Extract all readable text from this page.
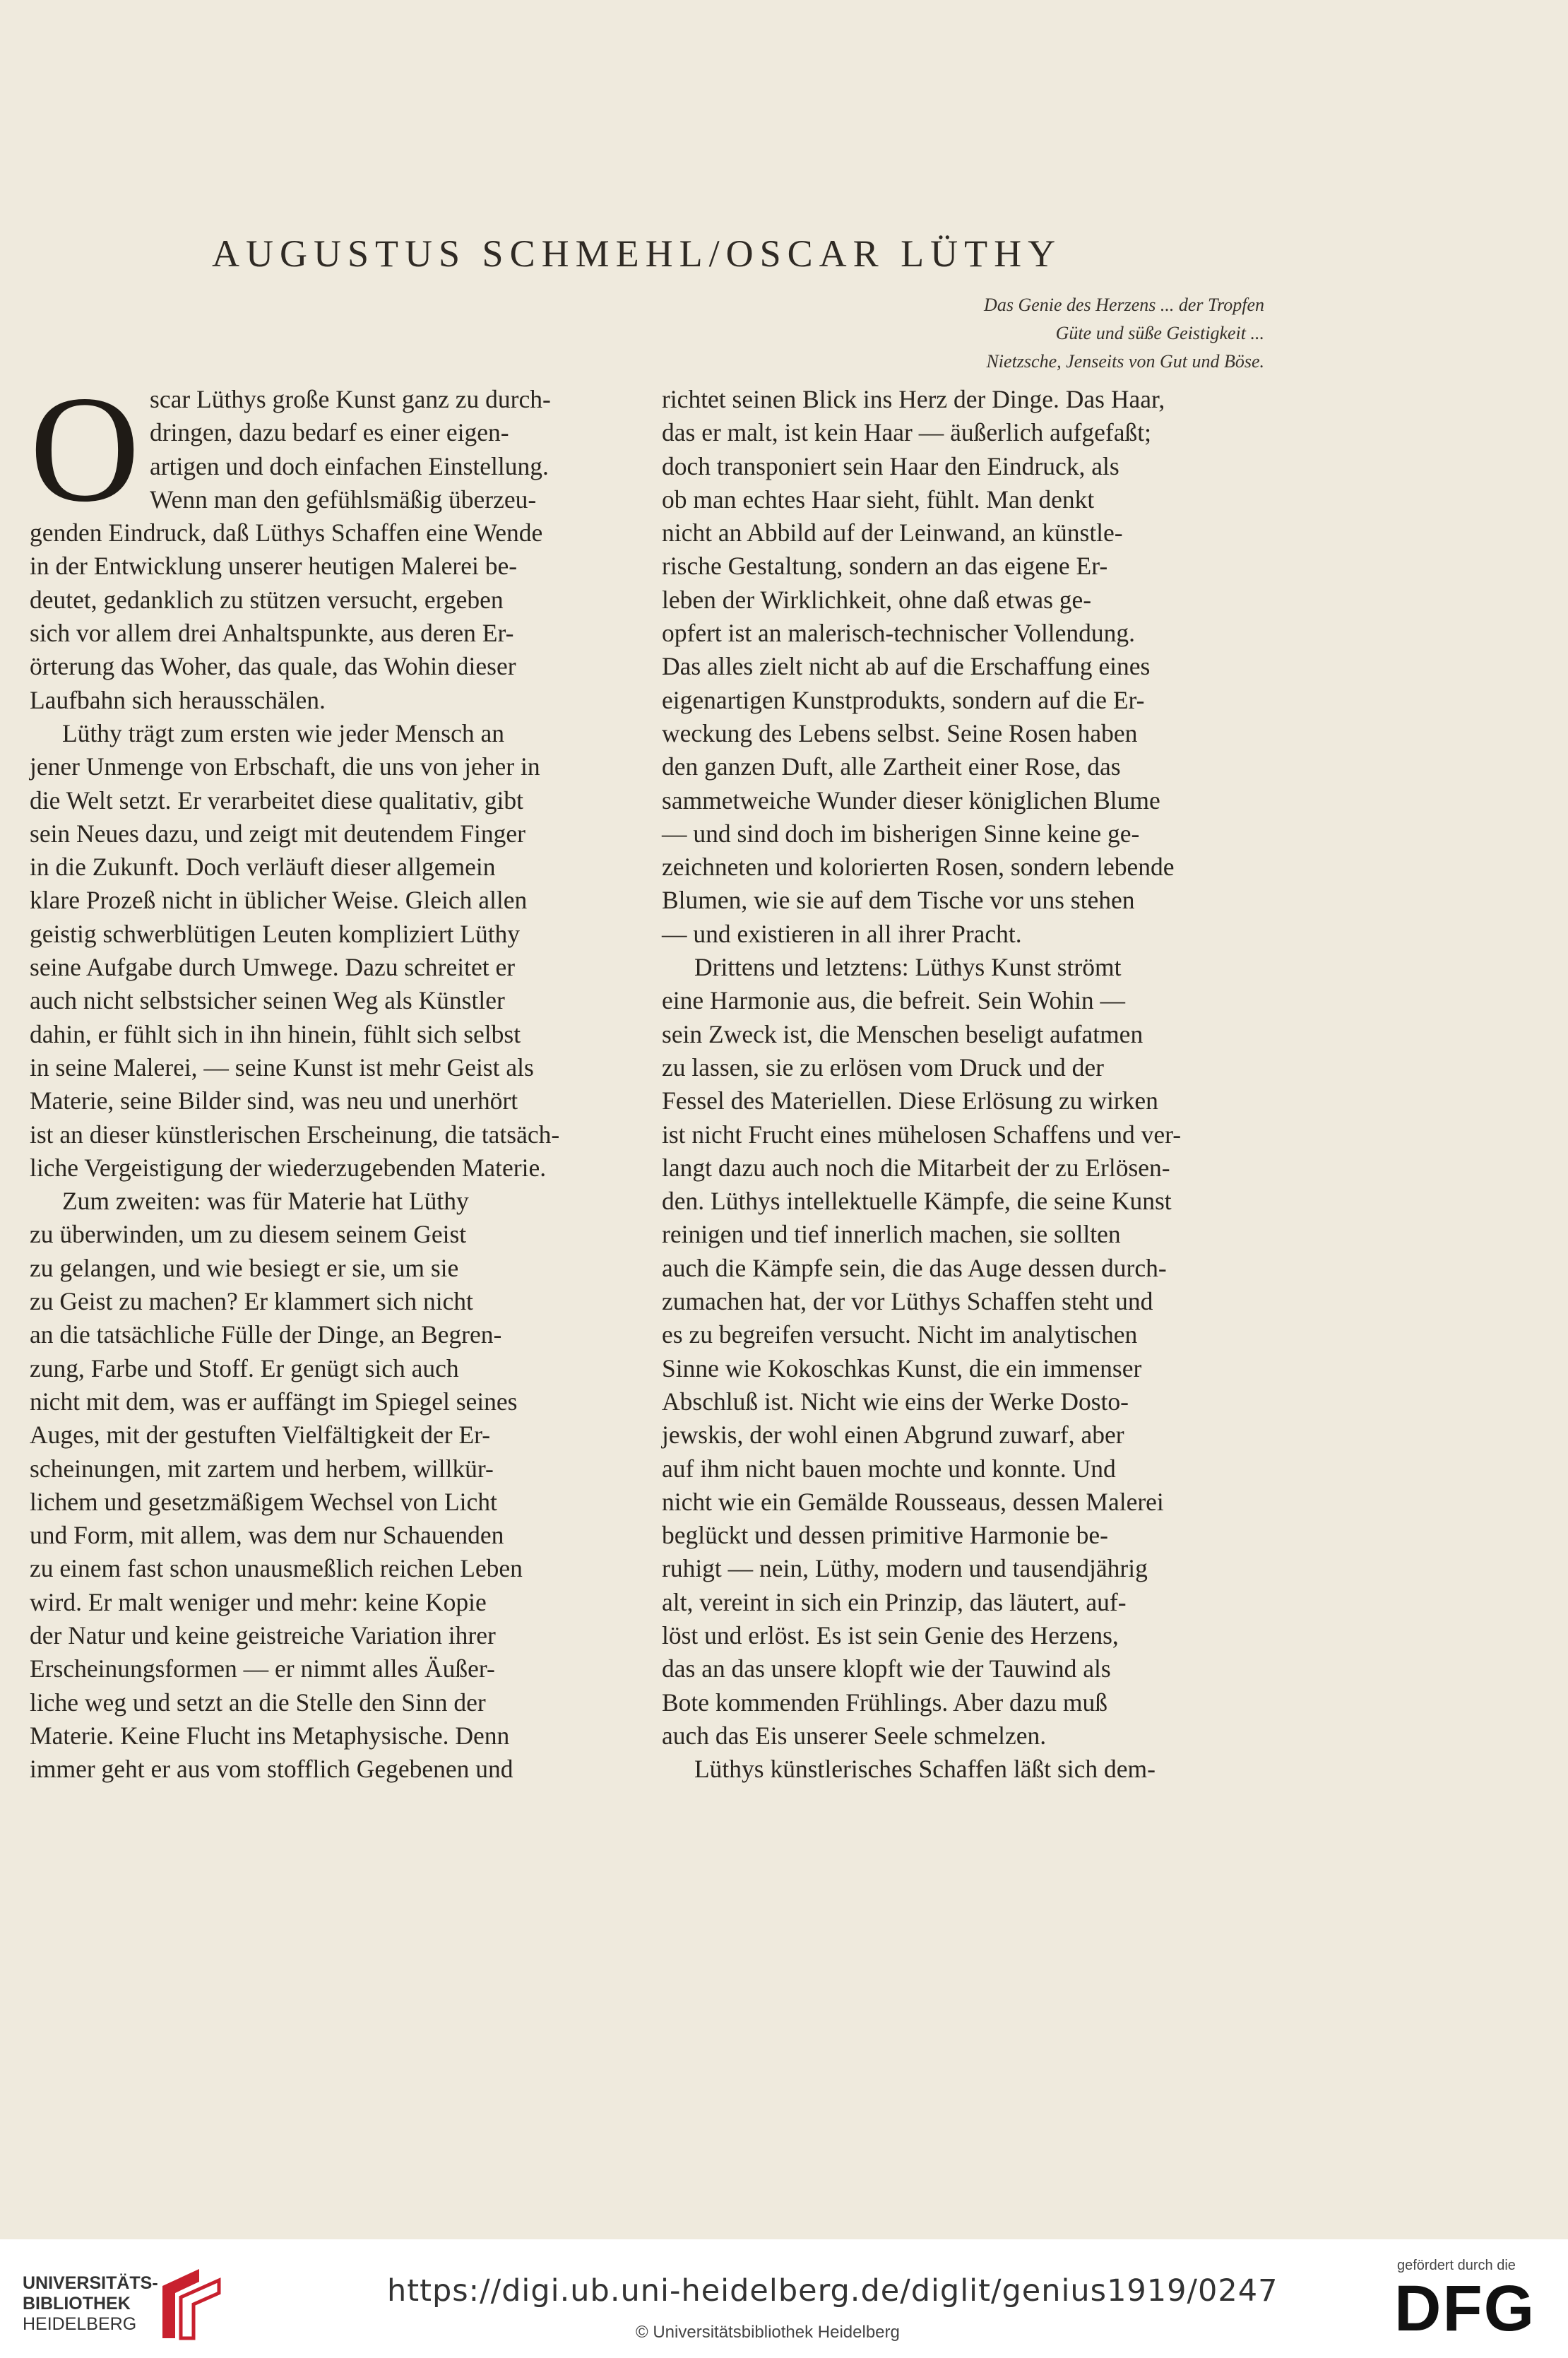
AUGUSTUS SCHMEHL/OSCAR LÜTHY

Das Genie des Herzens ... der Tropfen

Güte und süße Geistigkeit ...

Nietzsche, Jenseits von Gut und Böse.

Oscar Lüthys große Kunst ganz zu durch-
dringen, dazu bedarf es einer eigen-
artigen und doch einfachen Einstellung.
Wenn man den gefühlsmäßig überzeu-
genden Eindruck, daß Lüthys Schaffen eine Wende
in der Entwicklung unserer heutigen Malerei be-
deutet, gedanklich zu stützen versucht, ergeben
sich vor allem drei Anhaltspunkte, aus deren Er-
örterung das Woher, das quale, das Wohin dieser
Laufbahn sich herausschälen.

Lüthy trägt zum ersten wie jeder Mensch an
jener Unmenge von Erbschaft, die uns von jeher in
die Welt setzt. Er verarbeitet diese qualitativ, gibt
sein Neues dazu, und zeigt mit deutendem Finger
in die Zukunft. Doch verläuft dieser allgemein
klare Prozeß nicht in üblicher Weise. Gleich allen
geistig schwerblütigen Leuten kompliziert Lüthy
seine Aufgabe durch Umwege. Dazu schreitet er
auch nicht selbstsicher seinen Weg als Künstler
dahin, er fühlt sich in ihn hinein, fühlt sich selbst
in seine Malerei, — seine Kunst ist mehr Geist als
Materie, seine Bilder sind, was neu und unerhört
ist an dieser künstlerischen Erscheinung, die tatsäch-
liche Vergeistigung der wiederzugebenden Materie.

Zum zweiten: was für Materie hat Lüthy
zu überwinden, um zu diesem seinem Geist
zu gelangen, und wie besiegt er sie, um sie
zu Geist zu machen? Er klammert sich nicht
an die tatsächliche Fülle der Dinge, an Begren-
zung, Farbe und Stoff. Er genügt sich auch
nicht mit dem, was er auffängt im Spiegel seines
Auges, mit der gestuften Vielfältigkeit der Er-
scheinungen, mit zartem und herbem, willkür-
lichem und gesetzmäßigem Wechsel von Licht
und Form, mit allem, was dem nur Schauenden
zu einem fast schon unausmeßlich reichen Leben
wird. Er malt weniger und mehr: keine Kopie
der Natur und keine geistreiche Variation ihrer
Erscheinungsformen — er nimmt alles Äußer-
liche weg und setzt an die Stelle den Sinn der
Materie. Keine Flucht ins Metaphysische. Denn
immer geht er aus vom stofflich Gegebenen und

richtet seinen Blick ins Herz der Dinge. Das Haar,
das er malt, ist kein Haar — äußerlich aufgefaßt;
doch transponiert sein Haar den Eindruck, als
ob man echtes Haar sieht, fühlt. Man denkt
nicht an Abbild auf der Leinwand, an künstle-
rische Gestaltung, sondern an das eigene Er-
leben der Wirklichkeit, ohne daß etwas ge-
opfert ist an malerisch-technischer Vollendung.
Das alles zielt nicht ab auf die Erschaffung eines
eigenartigen Kunstprodukts, sondern auf die Er-
weckung des Lebens selbst. Seine Rosen haben
den ganzen Duft, alle Zartheit einer Rose, das
sammetweiche Wunder dieser königlichen Blume
— und sind doch im bisherigen Sinne keine ge-
zeichneten und kolorierten Rosen, sondern lebende
Blumen, wie sie auf dem Tische vor uns stehen
— und existieren in all ihrer Pracht.

Drittens und letztens: Lüthys Kunst strömt
eine Harmonie aus, die befreit. Sein Wohin —
sein Zweck ist, die Menschen beseligt aufatmen
zu lassen, sie zu erlösen vom Druck und der
Fessel des Materiellen. Diese Erlösung zu wirken
ist nicht Frucht eines mühelosen Schaffens und ver-
langt dazu auch noch die Mitarbeit der zu Erlösen-
den. Lüthys intellektuelle Kämpfe, die seine Kunst
reinigen und tief innerlich machen, sie sollten
auch die Kämpfe sein, die das Auge dessen durch-
zumachen hat, der vor Lüthys Schaffen steht und
es zu begreifen versucht. Nicht im analytischen
Sinne wie Kokoschkas Kunst, die ein immenser
Abschluß ist. Nicht wie eins der Werke Dosto-
jewskis, der wohl einen Abgrund zuwarf, aber
auf ihm nicht bauen mochte und konnte. Und
nicht wie ein Gemälde Rousseaus, dessen Malerei
beglückt und dessen primitive Harmonie be-
ruhigt — nein, Lüthy, modern und tausendjährig
alt, vereint in sich ein Prinzip, das läutert, auf-
löst und erlöst. Es ist sein Genie des Herzens,
das an das unsere klopft wie der Tauwind als
Bote kommenden Frühlings. Aber dazu muß
auch das Eis unserer Seele schmelzen.

Lüthys künstlerisches Schaffen läßt sich dem-

UNIVERSITÄTS-
BIBLIOTHEK
HEIDELBERG
https://digi.ub.uni-heidelberg.de/diglit/genius1919/0247
© Universitätsbibliothek Heidelberg
gefördert durch die
DFG
